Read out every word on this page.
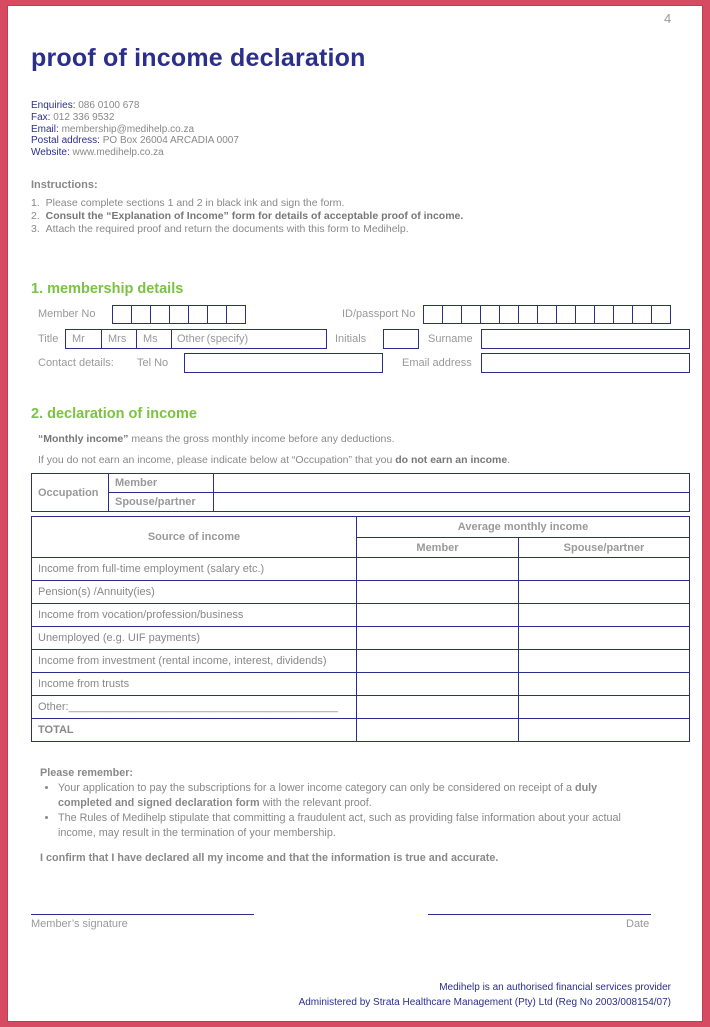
4
proof of income declaration
Enquiries: 086 0100 678
Fax: 012 336 9532
Email: membership@medihelp.co.za
Postal address: PO Box 26004 ARCADIA 0007
Website: www.medihelp.co.za
Instructions:
1. Please complete sections 1 and 2 in black ink and sign the form.
2. Consult the “Explanation of Income” form for details of acceptable proof of income.
3. Attach the required proof and return the documents with this form to Medihelp.
1. membership details
Member No	ID/passport No
Title	Mr	Mrs	Ms	Other (specify)	Initials	Surname
Contact details: Tel No	Email address
2. declaration of income
“Monthly income” means the gross monthly income before any deductions.
If you do not earn an income, please indicate below at “Occupation” that you do not earn an income.
Occupation	Member	
	Spouse/partner	
Source of income	Average monthly income	
	Member	Spouse/partner
Income from full-time employment (salary etc.)		
Pension(s) /Annuity(ies)		
Income from vocation/profession/business		
Unemployed (e.g. UIF payments)		
Income from investment (rental income, interest, dividends)		
Income from trusts		
Other:____________________________________________		
TOTAL		
Please remember:
• Your application to pay the subscriptions for a lower income category can only be considered on receipt of a duly completed and signed declaration form with the relevant proof.
• The Rules of Medihelp stipulate that committing a fraudulent act, such as providing false information about your actual income, may result in the termination of your membership.
I confirm that I have declared all my income and that the information is true and accurate.
Member’s signature	Date
Medihelp is an authorised financial services provider
Administered by Strata Healthcare Management (Pty) Ltd (Reg No 2003/008154/07)
